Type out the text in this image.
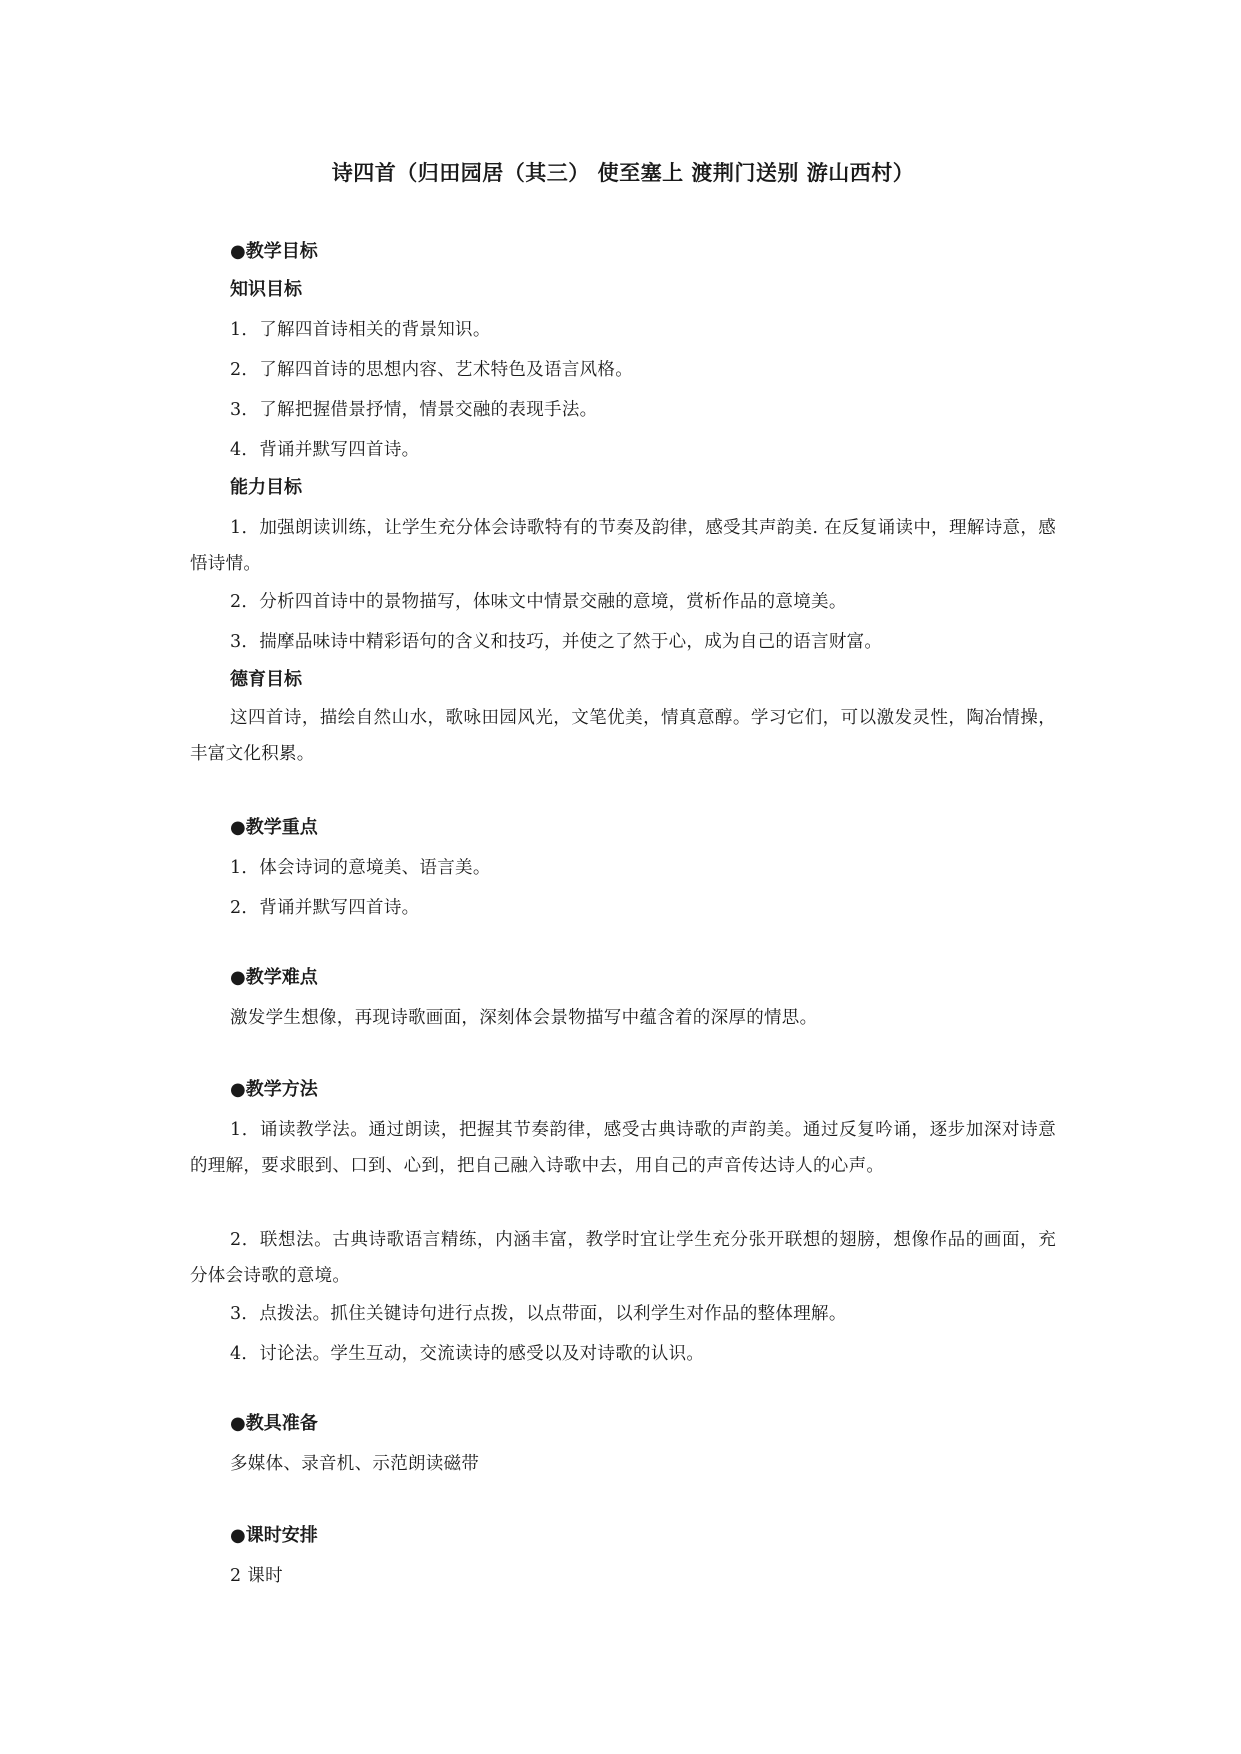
诗四首（归田园居（其三） 使至塞上 渡荆门送别 游山西村）
●教学目标
知识目标

1．了解四首诗相关的背景知识。

2．了解四首诗的思想内容、艺术特色及语言风格。

3．了解把握借景抒情，情景交融的表现手法。

4．背诵并默写四首诗。

能力目标

1．加强朗读训练，让学生充分体会诗歌特有的节奏及韵律，感受其声韵美. 在反复诵读中，理解诗意，感悟诗情。

2．分析四首诗中的景物描写，体味文中情景交融的意境，赏析作品的意境美。

3．揣摩品味诗中精彩语句的含义和技巧，并使之了然于心，成为自己的语言财富。

德育目标

这四首诗，描绘自然山水，歌咏田园风光，文笔优美，情真意醇。学习它们，可以激发灵性，陶冶情操，丰富文化积累。

●教学重点

1．体会诗词的意境美、语言美。

2．背诵并默写四首诗。

●教学难点

激发学生想像，再现诗歌画面，深刻体会景物描写中蕴含着的深厚的情思。

●教学方法

1．诵读教学法。通过朗读，把握其节奏韵律，感受古典诗歌的声韵美。通过反复吟诵，逐步加深对诗意的理解，要求眼到、口到、心到，把自己融入诗歌中去，用自己的声音传达诗人的心声。

2．联想法。古典诗歌语言精练，内涵丰富，教学时宜让学生充分张开联想的翅膀，想像作品的画面，充分体会诗歌的意境。

3．点拨法。抓住关键诗句进行点拨，以点带面，以利学生对作品的整体理解。

4．讨论法。学生互动，交流读诗的感受以及对诗歌的认识。

●教具准备

多媒体、录音机、示范朗读磁带

●课时安排

2 课时
